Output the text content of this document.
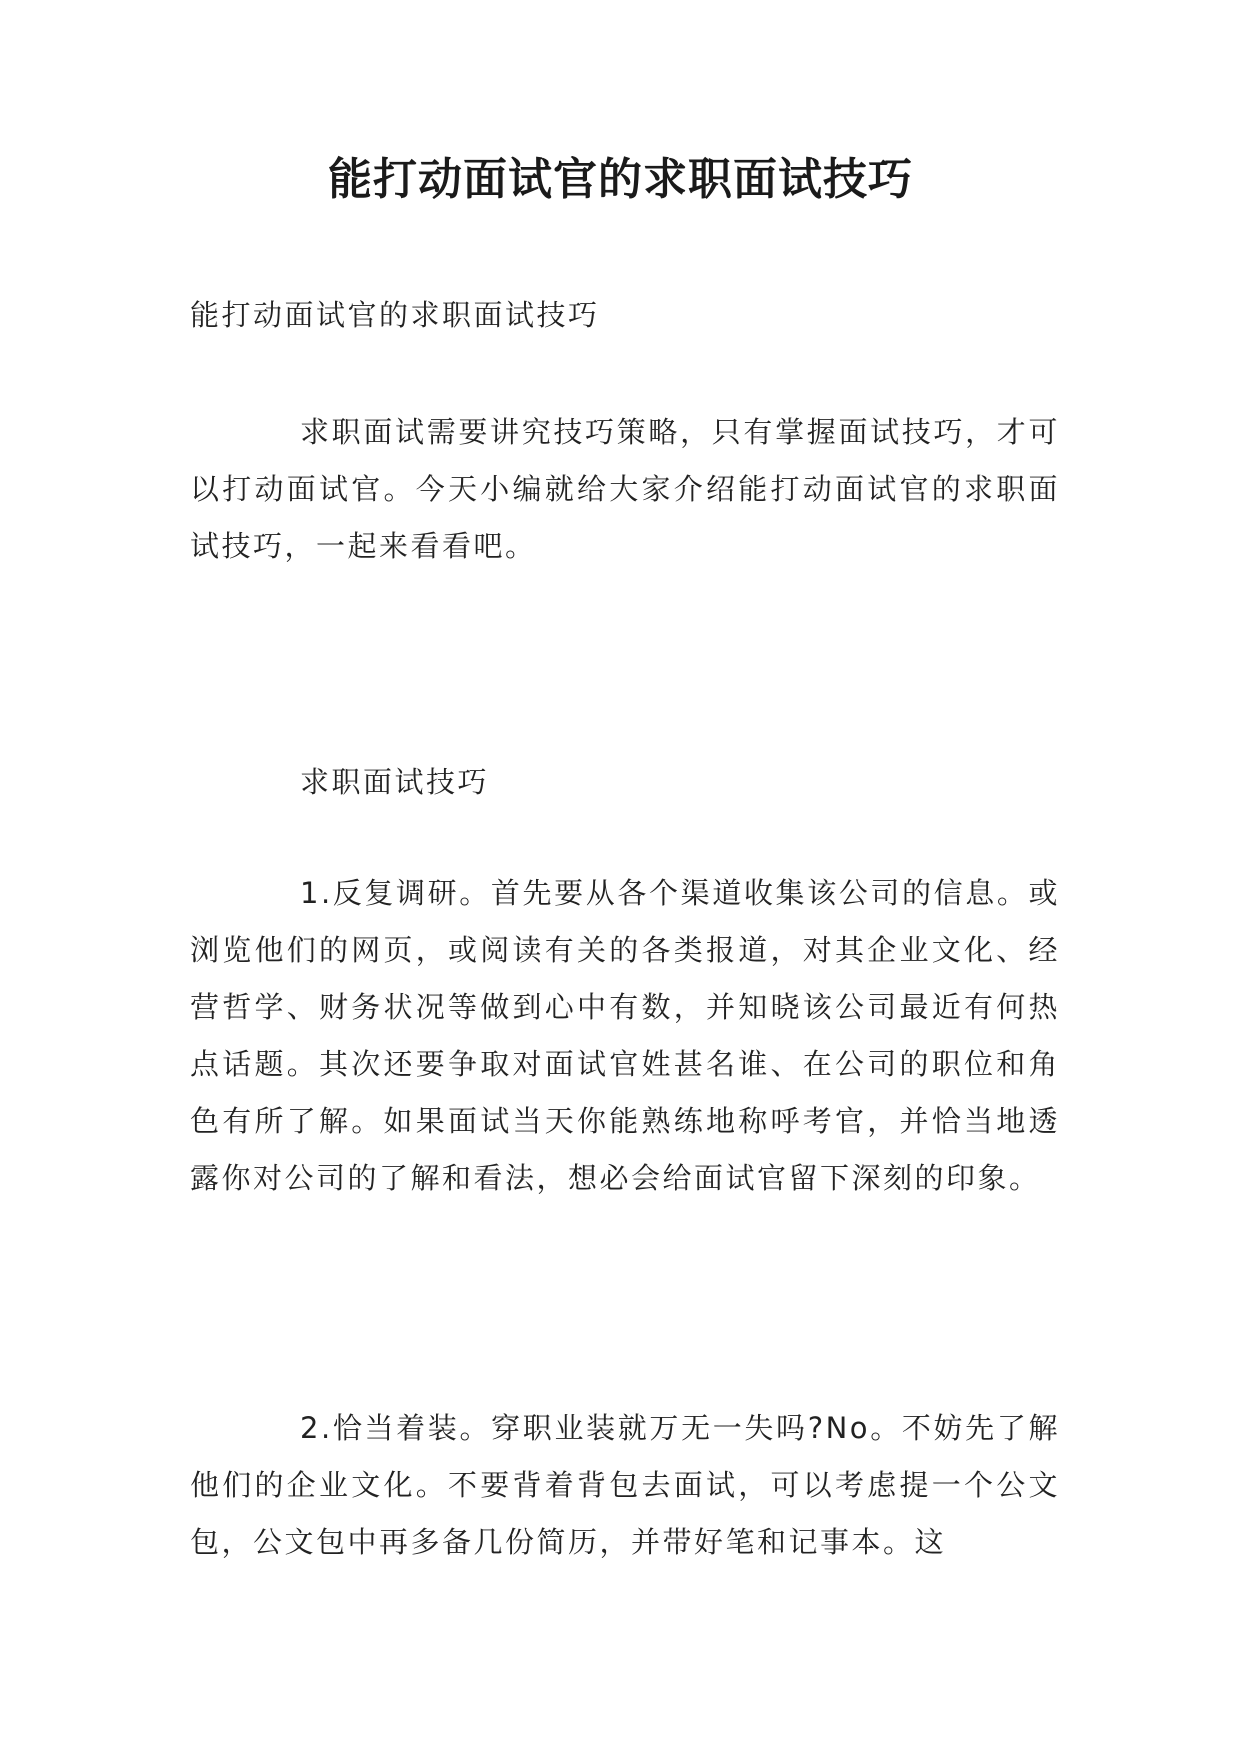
能打动面试官的求职面试技巧
能打动面试官的求职面试技巧

求职面试需要讲究技巧策略，只有掌握面试技巧，才可以打动面试官。今天小编就给大家介绍能打动面试官的求职面试技巧，一起来看看吧。

求职面试技巧

1.反复调研。首先要从各个渠道收集该公司的信息。或浏览他们的网页，或阅读有关的各类报道，对其企业文化、经营哲学、财务状况等做到心中有数，并知晓该公司最近有何热点话题。其次还要争取对面试官姓甚名谁、在公司的职位和角色有所了解。如果面试当天你能熟练地称呼考官，并恰当地透露你对公司的了解和看法，想必会给面试官留下深刻的印象。

2.恰当着装。穿职业装就万无一失吗?No。不妨先了解他们的企业文化。不要背着背包去面试，可以考虑提一个公文包，公文包中再多备几份简历，并带好笔和记事本。这
